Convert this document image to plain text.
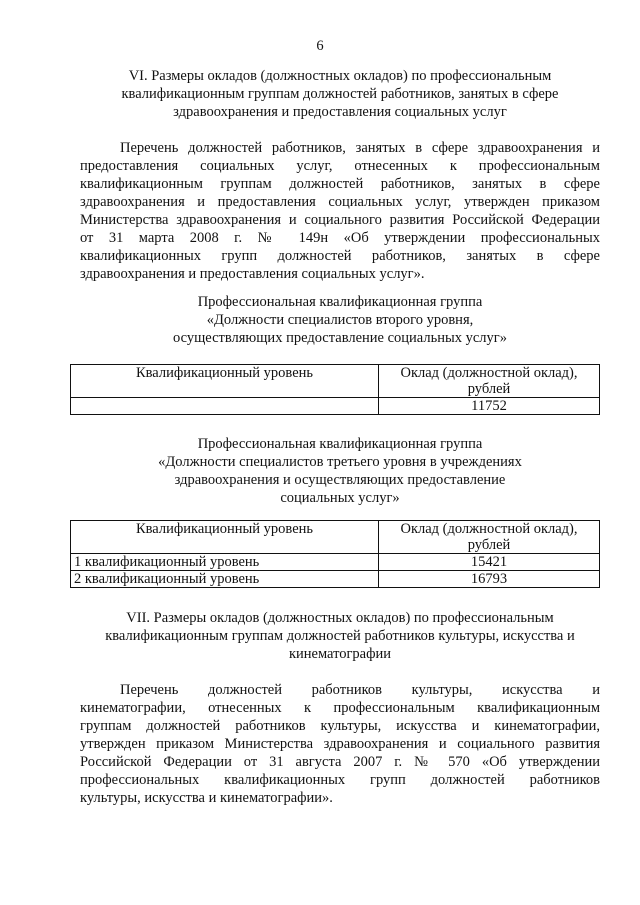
6
VI. Размеры окладов (должностных окладов) по профессиональным
квалификационным группам должностей работников, занятых в сфере
здравоохранения и предоставления социальных услуг
Перечень должностей работников, занятых в сфере здравоохранения и
предоставления социальных услуг, отнесенных к профессиональным
квалификационным группам должностей работников, занятых в сфере
здравоохранения и предоставления социальных услуг, утвержден приказом
Министерства здравоохранения и социального развития Российской Федерации
от 31 марта 2008 г. № 149н «Об утверждении профессиональных
квалификационных групп должностей работников, занятых в сфере
здравоохранения и предоставления социальных услуг».
Профессиональная квалификационная группа
«Должности специалистов второго уровня,
осуществляющих предоставление социальных услуг»
Квалификационный уровень	Оклад (должностной оклад),
рублей

	11752
Профессиональная квалификационная группа
«Должности специалистов третьего уровня в учреждениях
здравоохранения и осуществляющих предоставление
социальных услуг»
Квалификационный уровень	Оклад (должностной оклад),
рублей

1 квалификационный уровень	15421
2 квалификационный уровень	16793
VII. Размеры окладов (должностных окладов) по профессиональным
квалификационным группам должностей работников культуры, искусства и
кинематографии
Перечень должностей работников культуры, искусства и
кинематографии, отнесенных к профессиональным квалификационным
группам должностей работников культуры, искусства и кинематографии,
утвержден приказом Министерства здравоохранения и социального развития
Российской Федерации от 31 августа 2007 г. № 570 «Об утверждении
профессиональных квалификационных групп должностей работников
культуры, искусства и кинематографии».
